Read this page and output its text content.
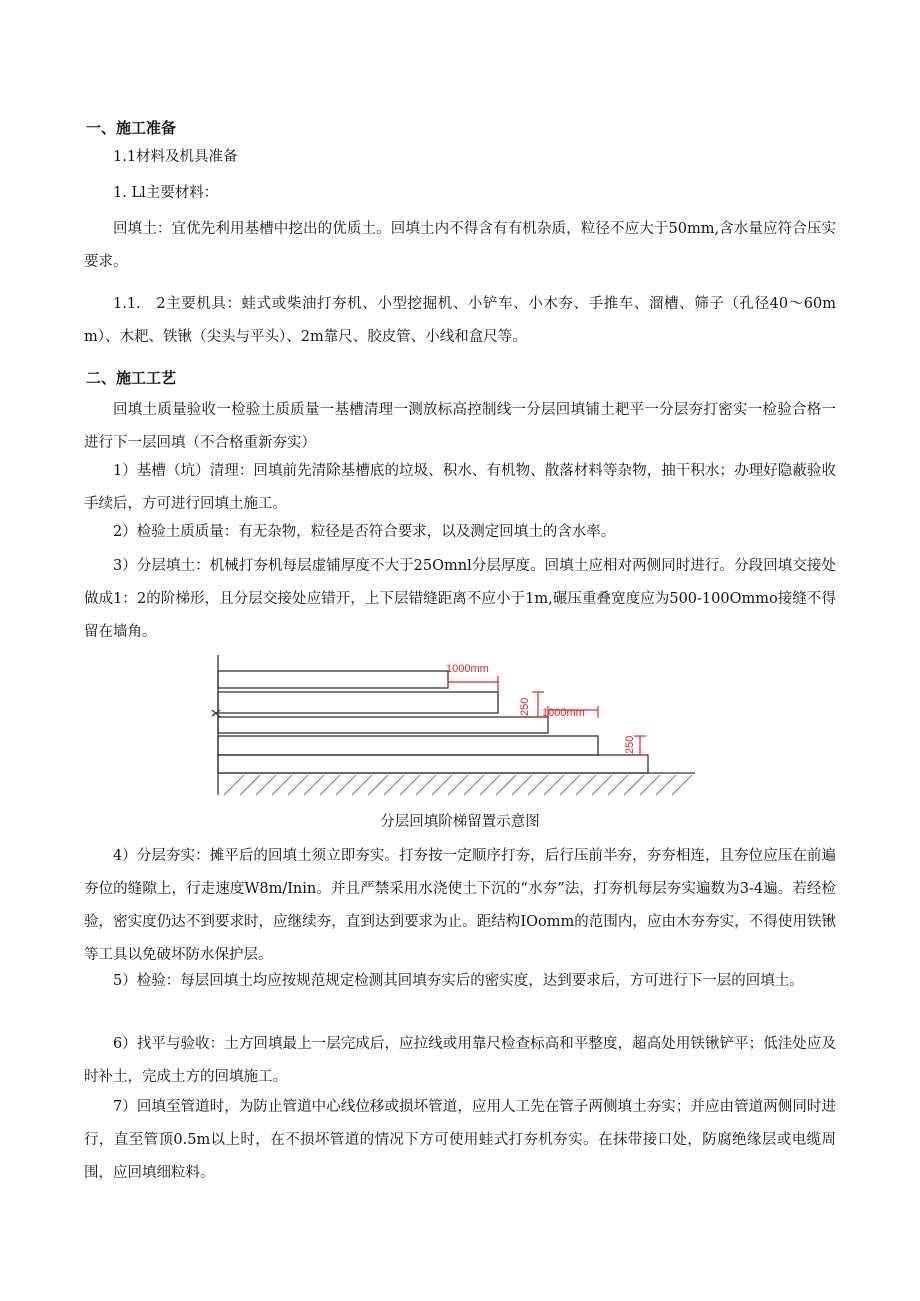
一、施工准备

1.1材料及机具准备

1. Ll主要材料：

回填土：宜优先利用基槽中挖出的优质土。回填土内不得含有有机杂质，粒径不应大于50mm,含水量应符合压实要求。

1.1.　2主要机具：蛙式或柴油打夯机、小型挖掘机、小铲车、小木夯、手推车、溜槽、筛子（孔径40～60mm）、木耙、铁锹（尖头与平头）、2m靠尺、胶皮管、小线和盒尺等。

二、施工工艺

回填土质量验收一检验土质质量一基槽清理一测放标高控制线一分层回填铺土耙平一分层夯打密实一检验合格一进行下一层回填（不合格重新夯实）

1）基槽（坑）清理：回填前先清除基槽底的垃圾、积水、有机物、散落材料等杂物，抽干积水；办理好隐蔽验收手续后，方可进行回填土施工。

2）检验土质质量：有无杂物，粒径是否符合要求，以及测定回填土的含水率。

3）分层填土：机械打夯机每层虚铺厚度不大于25Omnl分层厚度。回填土应相对两侧同时进行。分段回填交接处做成1：2的阶梯形，且分层交接处应错开，上下层错缝距离不应小于1m,碾压重叠宽度应为500-100Ommo接缝不得留在墙角。

1000mm
1000mm
250
250

分层回填阶梯留置示意图

4）分层夯实：摊平后的回填土须立即夯实。打夯按一定顺序打夯，后行压前半夯，夯夯相连，且夯位应压在前遍夯位的缝隙上，行走速度W8m/Inin。并且严禁采用水浇使土下沉的“水夯”法，打夯机每层夯实遍数为3-4遍。若经检验，密实度仍达不到要求时，应继续夯，直到达到要求为止。距结构IOomm的范围内，应由木夯夯实，不得使用铁锹等工具以免破坏防水保护层。

5）检验：每层回填土均应按规范规定检测其回填夯实后的密实度，达到要求后，方可进行下一层的回填土。

6）找平与验收：土方回填最上一层完成后，应拉线或用靠尺检查标高和平整度，超高处用铁锹铲平；低洼处应及时补土，完成土方的回填施工。

7）回填至管道时，为防止管道中心线位移或损坏管道，应用人工先在管子两侧填土夯实；并应由管道两侧同时进行，直至管顶0.5m以上时，在不损坏管道的情况下方可使用蛙式打夯机夯实。在抹带接口处，防腐绝缘层或电缆周围，应回填细粒料。
